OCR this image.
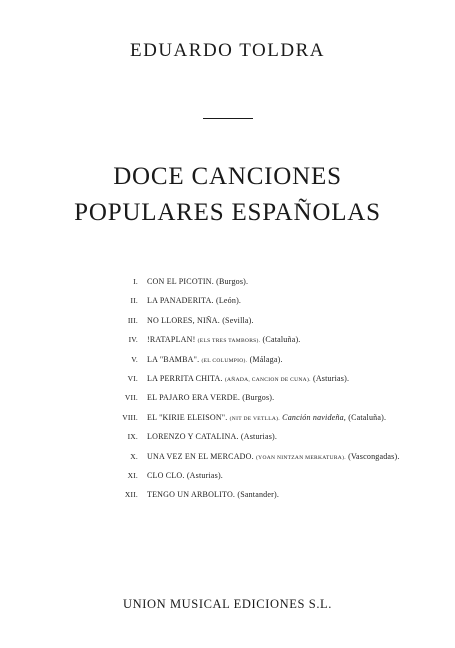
EDUARDO TOLDRA
DOCE CANCIONES
POPULARES ESPAÑOLAS
I. CON EL PICOTIN. (Burgos).
II. LA PANADERITA. (León).
III. NO LLORES, NIÑA. (Sevilla).
IV. !RATAPLAN! (ELS TRES TAMBORS). (Cataluña).
V. LA "BAMBA". (EL COLUMPIO). (Málaga).
VI. LA PERRITA CHITA. (AÑADA, CANCION DE CUNA). (Asturias).
VII. EL PAJARO ERA VERDE. (Burgos).
VIII. EL "KIRIE ELEISON". (NIT DE VETLLA). Canción navideña, (Cataluña).
IX. LORENZO Y CATALINA. (Asturias).
X. UNA VEZ EN EL MERCADO. (YOAN NINTZAN MERKATURA). (Vascongadas).
XI. CLO CLO. (Asturias).
XII. TENGO UN ARBOLITO. (Santander).
UNION MUSICAL EDICIONES S.L.
